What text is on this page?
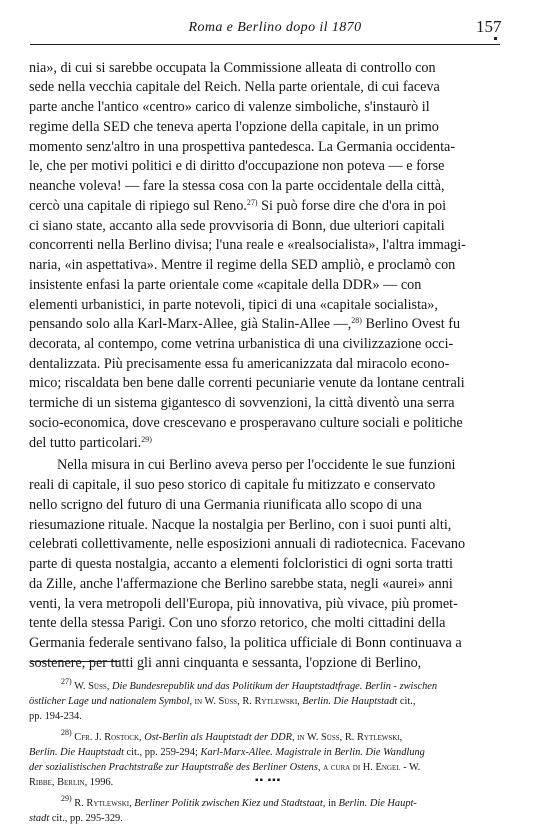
Roma e Berlino dopo il 1870	157
nia», di cui si sarebbe occupata la Commissione alleata di controllo con
sede nella vecchia capitale del Reich. Nella parte orientale, di cui faceva
parte anche l'antico «centro» carico di valenze simboliche, s'instaurò il
regime della SED che teneva aperta l'opzione della capitale, in un primo
momento senz'altro in una prospettiva pantedesca. La Germania occidenta-
le, che per motivi politici e di diritto d'occupazione non poteva — e forse
neanche voleva! — fare la stessa cosa con la parte occidentale della città,
cercò una capitale di ripiego sul Reno.$^{27)}$ Si può forse dire che d'ora in poi
ci siano state, accanto alla sede provvisoria di Bonn, due ulteriori capitali
concorrenti nella Berlino divisa; l'una reale e «realsocialista», l'altra immagi-
naria, «in aspettativa». Mentre il regime della SED ampliò, e proclamò con
insistente enfasi la parte orientale come «capitale della DDR» — con
elementi urbanistici, in parte notevoli, tipici di una «capitale socialista»,
pensando solo alla Karl-Marx-Allee, già Stalin-Allee —,$^{28)}$ Berlino Ovest fu
decorata, al contempo, come vetrina urbanistica di una civilizzazione occi-
dentalizzata. Più precisamente essa fu americanizzata dal miracolo econo-
mico; riscaldata ben bene dalle correnti pecuniarie venute da lontane centrali
termiche di un sistema gigantesco di sovvenzioni, la città diventò una serra
socio-economica, dove crescevano e prosperavano culture sociali e politiche
del tutto particolari.$^{29)}$
Nella misura in cui Berlino aveva perso per l'occidente le sue funzioni
reali di capitale, il suo peso storico di capitale fu mitizzato e conservato
nello scrigno del futuro di una Germania riunificata allo scopo di una
riesumazione rituale. Nacque la nostalgia per Berlino, con i suoi punti alti,
celebrati collettivamente, nelle esposizioni annuali di radiotecnica. Facevano
parte di questa nostalgia, accanto a elementi folcloristici di ogni sorta tratti
da Zille, anche l'affermazione che Berlino sarebbe stata, negli «aurei» anni
venti, la vera metropoli dell'Europa, più innovativa, più vivace, più promet-
tente della stessa Parigi. Con uno sforzo retorico, che molti cittadini della
Germania federale sentivano falso, la politica ufficiale di Bonn continuava a
sostenere, per tutti gli anni cinquanta e sessanta, l'opzione di Berlino,
$^{27)}$ W. Süss, Die Bundesrepublik und das Politikum der Hauptstadtfrage. Berlin - zwischen
östlicher Lage und nationalem Symbol, in W. Süss, R. Rytlewski, Berlin. Die Hauptstadt cit.,
pp. 194-234.
$^{28)}$ Cfr. J. Rostock, Ost-Berlin als Hauptstadt der DDR, in W. Süss, R. Rytlewski,
Berlin. Die Hauptstadt cit., pp. 259-294; Karl-Marx-Allee. Magistrale in Berlin. Die Wandlung
der sozialistischen Prachtstraße zur Hauptstraße des Berliner Ostens, a cura di H. Engel - W.
Ribbe, Berlin, 1996.	▪▪ ▪▪▪
$^{29)}$ R. Rytlewski, Berliner Politik zwischen Kiez und Stadtstaat, in Berlin. Die Haupt-
stadt cit., pp. 295-329.
